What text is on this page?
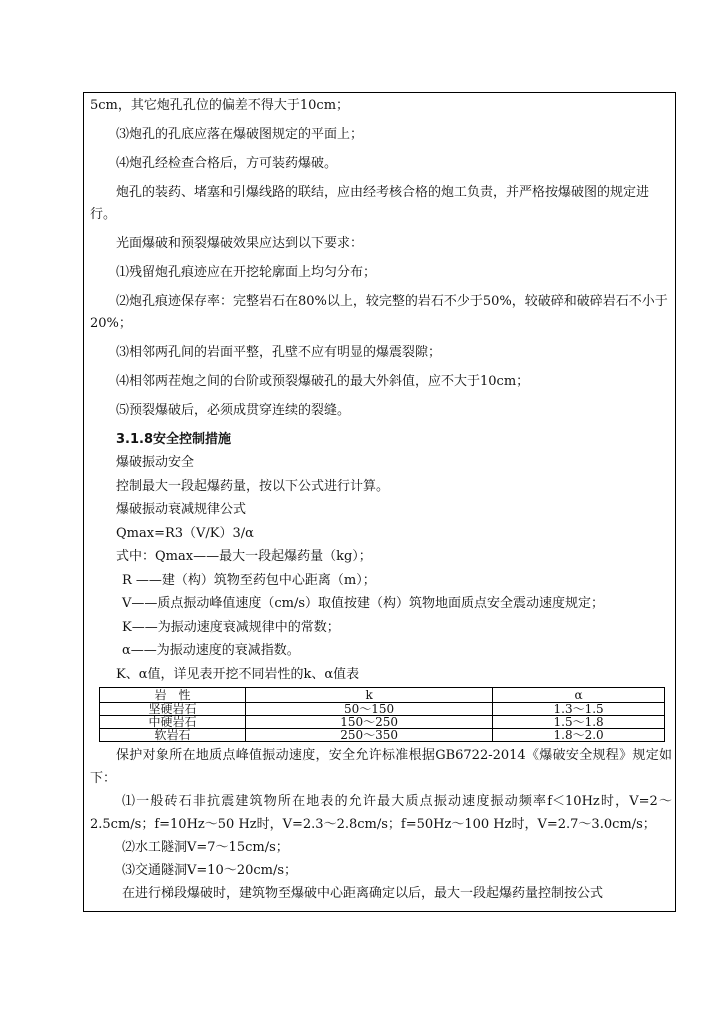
5cm，其它炮孔孔位的偏差不得大于10cm；

⑶炮孔的孔底应落在爆破图规定的平面上；

⑷炮孔经检查合格后，方可装药爆破。

炮孔的装药、堵塞和引爆线路的联结，应由经考核合格的炮工负责，并严格按爆破图的规定进行。

光面爆破和预裂爆破效果应达到以下要求：

⑴残留炮孔痕迹应在开挖轮廓面上均匀分布；

⑵炮孔痕迹保存率：完整岩石在80%以上，较完整的岩石不少于50%，较破碎和破碎岩石不小于20%；

⑶相邻两孔间的岩面平整，孔壁不应有明显的爆震裂隙；

⑷相邻两茬炮之间的台阶或预裂爆破孔的最大外斜值，应不大于10cm；

⑸预裂爆破后，必须成贯穿连续的裂缝。

3.1.8安全控制措施
爆破振动安全
控制最大一段起爆药量，按以下公式进行计算。
爆破振动衰减规律公式
Qmax=R3（V/K）3/α
式中：Qmax——最大一段起爆药量（kg）；
R ——建（构）筑物至药包中心距离（m）；
V——质点振动峰值速度（cm/s）取值按建（构）筑物地面质点安全震动速度规定；
K——为振动速度衰减规律中的常数；
α——为振动速度的衰减指数。
K、α值，详见表开挖不同岩性的k、α值表
岩　性	k	α
坚硬岩石	50～150	1.3～1.5
中硬岩石	150～250	1.5～1.8
软岩石	250～350	1.8～2.0

保护对象所在地质点峰值振动速度，安全允许标准根据GB6722-2014《爆破安全规程》规定如下：

⑴一般砖石非抗震建筑物所在地表的允许最大质点振动速度振动频率f＜10Hz时，V=2～2.5cm/s；f=10Hz～50 Hz时，V=2.3～2.8cm/s；f=50Hz～100 Hz时，V=2.7～3.0cm/s；

⑵水工隧洞V=7～15cm/s；
⑶交通隧洞V=10～20cm/s；
在进行梯段爆破时，建筑物至爆破中心距离确定以后，最大一段起爆药量控制按公式
